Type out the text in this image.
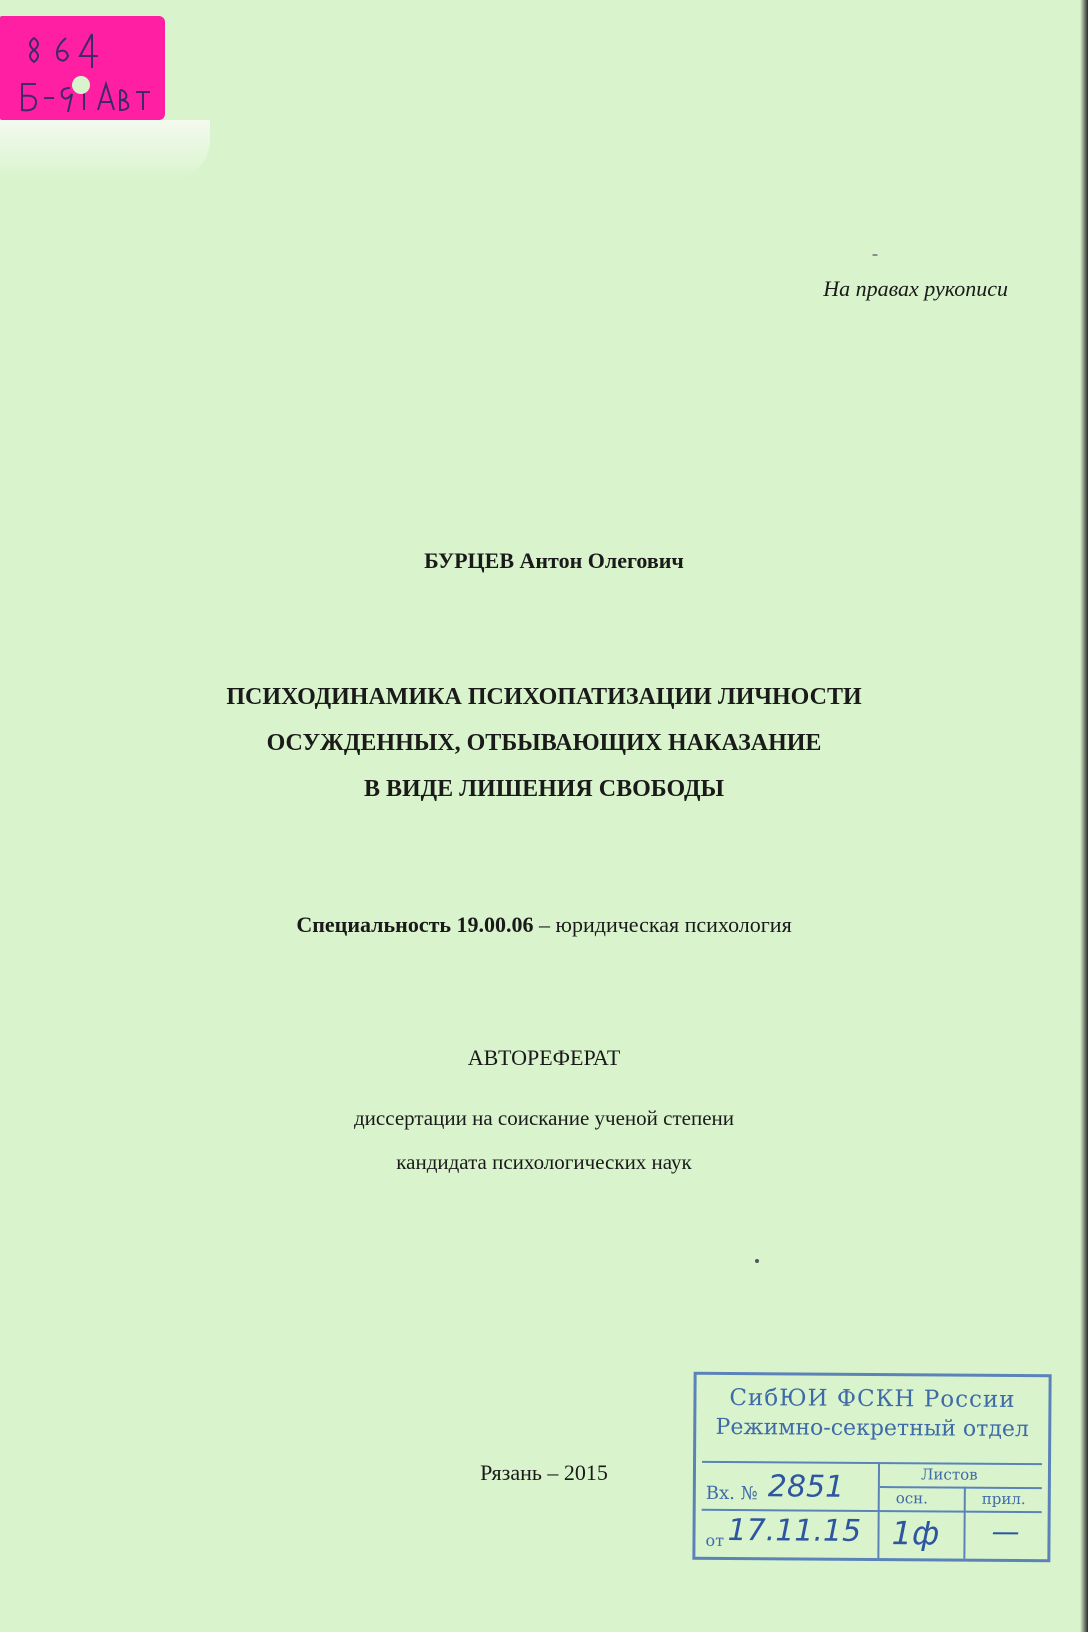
На правах рукописи

БУРЦЕВ Антон Олегович

ПСИХОДИНАМИКА ПСИХОПАТИЗАЦИИ ЛИЧНОСТИ
ОСУЖДЕННЫХ, ОТБЫВАЮЩИХ НАКАЗАНИЕ
В ВИДЕ ЛИШЕНИЯ СВОБОДЫ

Специальность 19.00.06 – юридическая психология

АВТОРЕФЕРАТ

диссертации на соискание ученой степени
кандидата психологических наук

Рязань – 2015

СибЮИ ФСКН России
Режимно-секретный отдел
Листов
осн.	прил.
Вх. № 2851
от 17.11.15 1ф —
